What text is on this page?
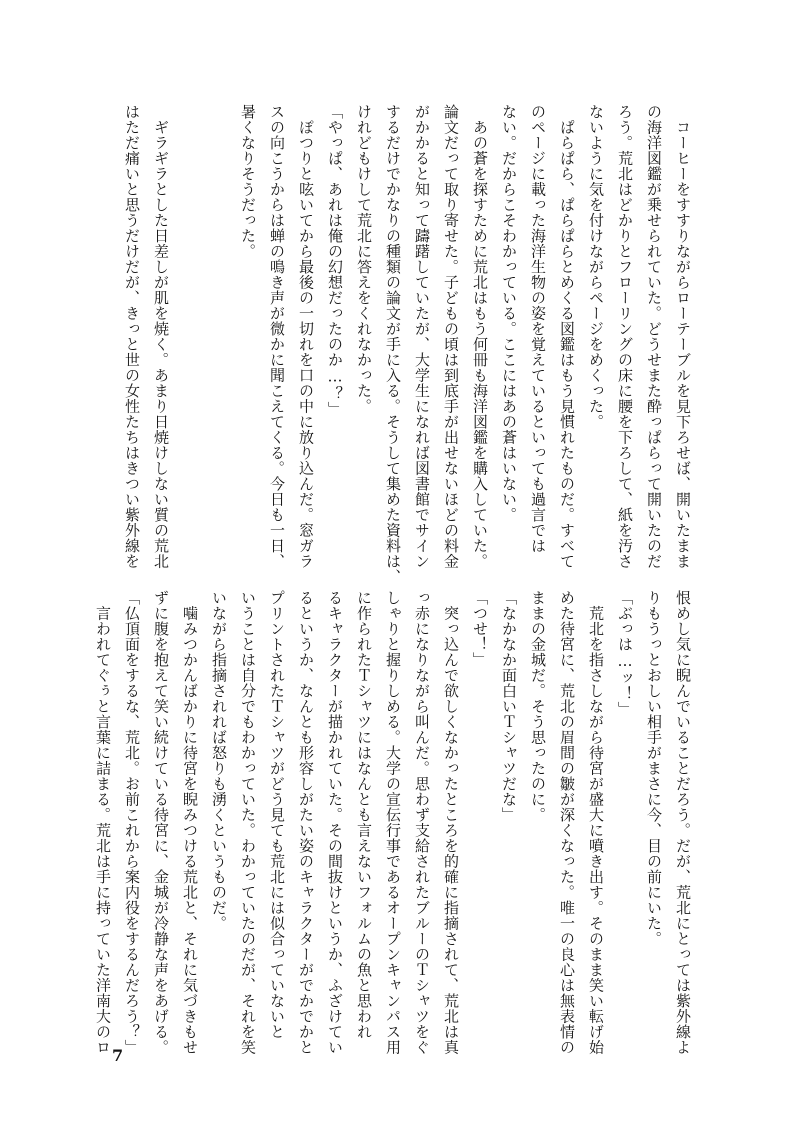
　コーヒーをすすりながらローテーブルを見下ろせば、開いたまま

の海洋図鑑が乗せられていた。どうせまた酔っぱらって開いたのだ

ろう。荒北はどかりとフローリングの床に腰を下ろして、紙を汚さ

ないように気を付けながらページをめくった。

　ぱらぱら、ぱらぱらとめくる図鑑はもう見慣れたものだ。すべて

のページに載った海洋生物の姿を覚えているといっても過言では

ない。だからこそわかっている。ここにはあの蒼はいない。

　あの蒼を探すために荒北はもう何冊も海洋図鑑を購入していた。

論文だって取り寄せた。子どもの頃は到底手が出せないほどの料金

がかかると知って躊躇していたが、大学生になれば図書館でサイン

するだけでかなりの種類の論文が手に入る。そうして集めた資料は、

けれどもけして荒北に答えをくれなかった。

「やっぱ、あれは俺の幻想だったのか…？」

　ぽつりと呟いてから最後の一切れを口の中に放り込んだ。窓ガラ

スの向こうからは蝉の鳴き声が微かに聞こえてくる。今日も一日、

暑くなりそうだった。

　ギラギラとした日差しが肌を焼く。あまり日焼けしない質の荒北

はただ痛いと思うだけだが、きっと世の女性たちはきつい紫外線を

恨めし気に睨んでいることだろう。だが、荒北にとっては紫外線よ

りもうっとおしい相手がまさに今、目の前にいた。

「ぶっは…ッ！」

　荒北を指さしながら待宮が盛大に噴き出す。そのまま笑い転げ始

めた待宮に、荒北の眉間の皺が深くなった。唯一の良心は無表情の

ままの金城だ。そう思ったのに。

「なかなか面白いＴシャツだな」

「つせ！」

　突っ込んで欲しくなかったところを的確に指摘されて、荒北は真

っ赤になりながら叫んだ。思わず支給されたブルーのＴシャツをぐ

しゃりと握りしめる。大学の宣伝行事であるオープンキャンパス用

に作られたＴシャツにはなんとも言えないフォルムの魚と思われ

るキャラクターが描かれていた。その間抜けというか、ふざけてい

るというか、なんとも形容しがたい姿のキャラクターがでかでかと

プリントされたＴシャツがどう見ても荒北には似合っていないと

いうことは自分でもわかっていた。わかっていたのだが、それを笑

いながら指摘されれば怒りも湧くというものだ。

　噛みつかんばかりに待宮を睨みつける荒北と、それに気づきもせ

ずに腹を抱えて笑い続けている待宮に、金城が冷静な声をあげる。

「仏頂面をするな、荒北。お前これから案内役をするんだろう？」

　言われてぐぅと言葉に詰まる。荒北は手に持っていた洋南大のロ

7
